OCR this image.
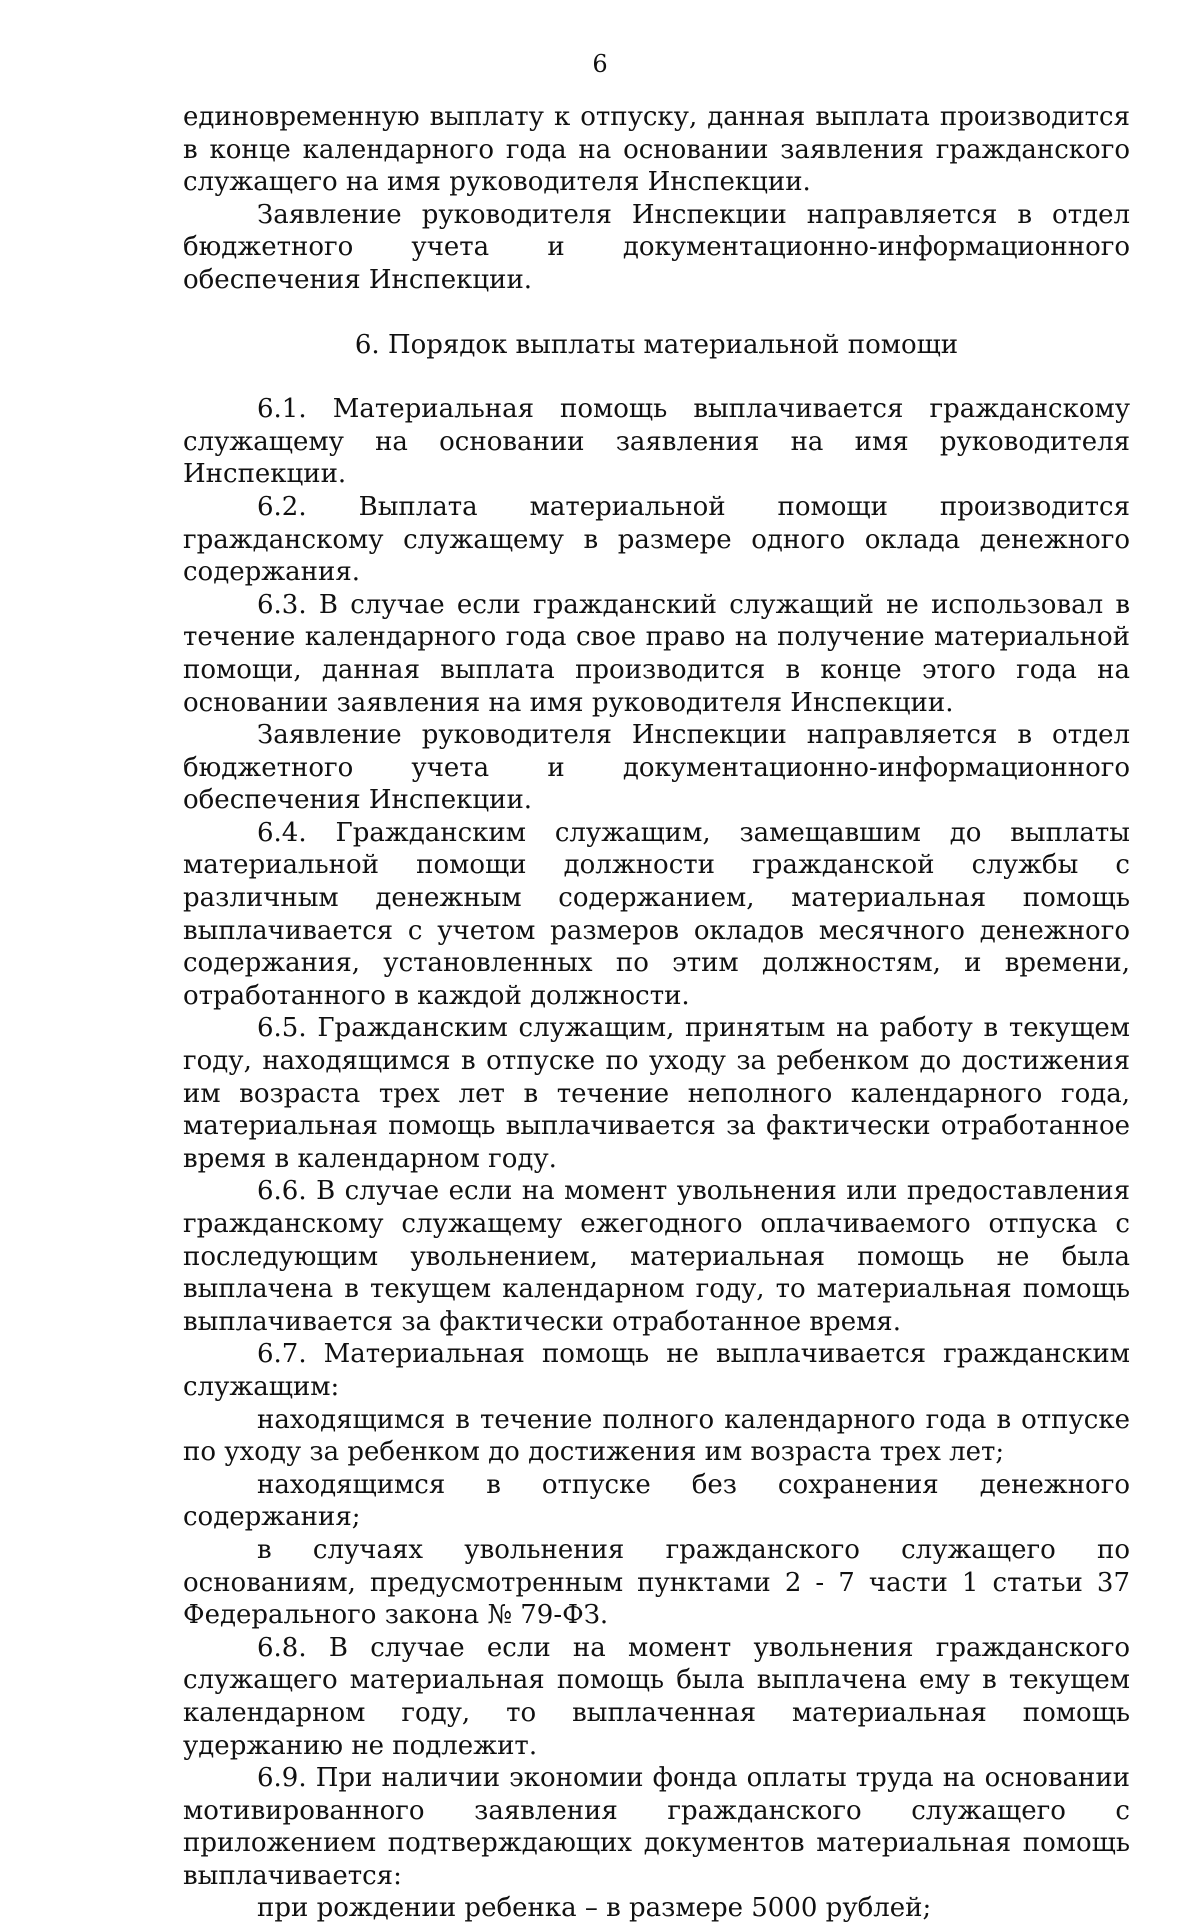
6

единовременную выплату к отпуску, данная выплата производится в конце календарного года на основании заявления гражданского служащего на имя руководителя Инспекции.

Заявление руководителя Инспекции направляется в отдел бюджетного учета и документационно-информационного обеспечения Инспекции.

6. Порядок выплаты материальной помощи

6.1. Материальная помощь выплачивается гражданскому служащему на основании заявления на имя руководителя Инспекции.

6.2. Выплата материальной помощи производится гражданскому служащему в размере одного оклада денежного содержания.

6.3. В случае если гражданский служащий не использовал в течение календарного года свое право на получение материальной помощи, данная выплата производится в конце этого года на основании заявления на имя руководителя Инспекции.

Заявление руководителя Инспекции направляется в отдел бюджетного учета и документационно-информационного обеспечения Инспекции.

6.4. Гражданским служащим, замещавшим до выплаты материальной помощи должности гражданской службы с различным денежным содержанием, материальная помощь выплачивается с учетом размеров окладов месячного денежного содержания, установленных по этим должностям, и времени, отработанного в каждой должности.

6.5. Гражданским служащим, принятым на работу в текущем году, находящимся в отпуске по уходу за ребенком до достижения им возраста трех лет в течение неполного календарного года, материальная помощь выплачивается за фактически отработанное время в календарном году.

6.6. В случае если на момент увольнения или предоставления гражданскому служащему ежегодного оплачиваемого отпуска с последующим увольнением, материальная помощь не была выплачена в текущем календарном году, то материальная помощь выплачивается за фактически отработанное время.

6.7. Материальная помощь не выплачивается гражданским служащим:

находящимся в течение полного календарного года в отпуске по уходу за ребенком до достижения им возраста трех лет;

находящимся в отпуске без сохранения денежного содержания;

в случаях увольнения гражданского служащего по основаниям, предусмотренным пунктами 2 - 7 части 1 статьи 37 Федерального закона № 79-ФЗ.

6.8. В случае если на момент увольнения гражданского служащего материальная помощь была выплачена ему в текущем календарном году, то выплаченная материальная помощь удержанию не подлежит.

6.9. При наличии экономии фонда оплаты труда на основании мотивированного заявления гражданского служащего с приложением подтверждающих документов материальная помощь выплачивается:

при рождении ребенка – в размере 5000 рублей;
